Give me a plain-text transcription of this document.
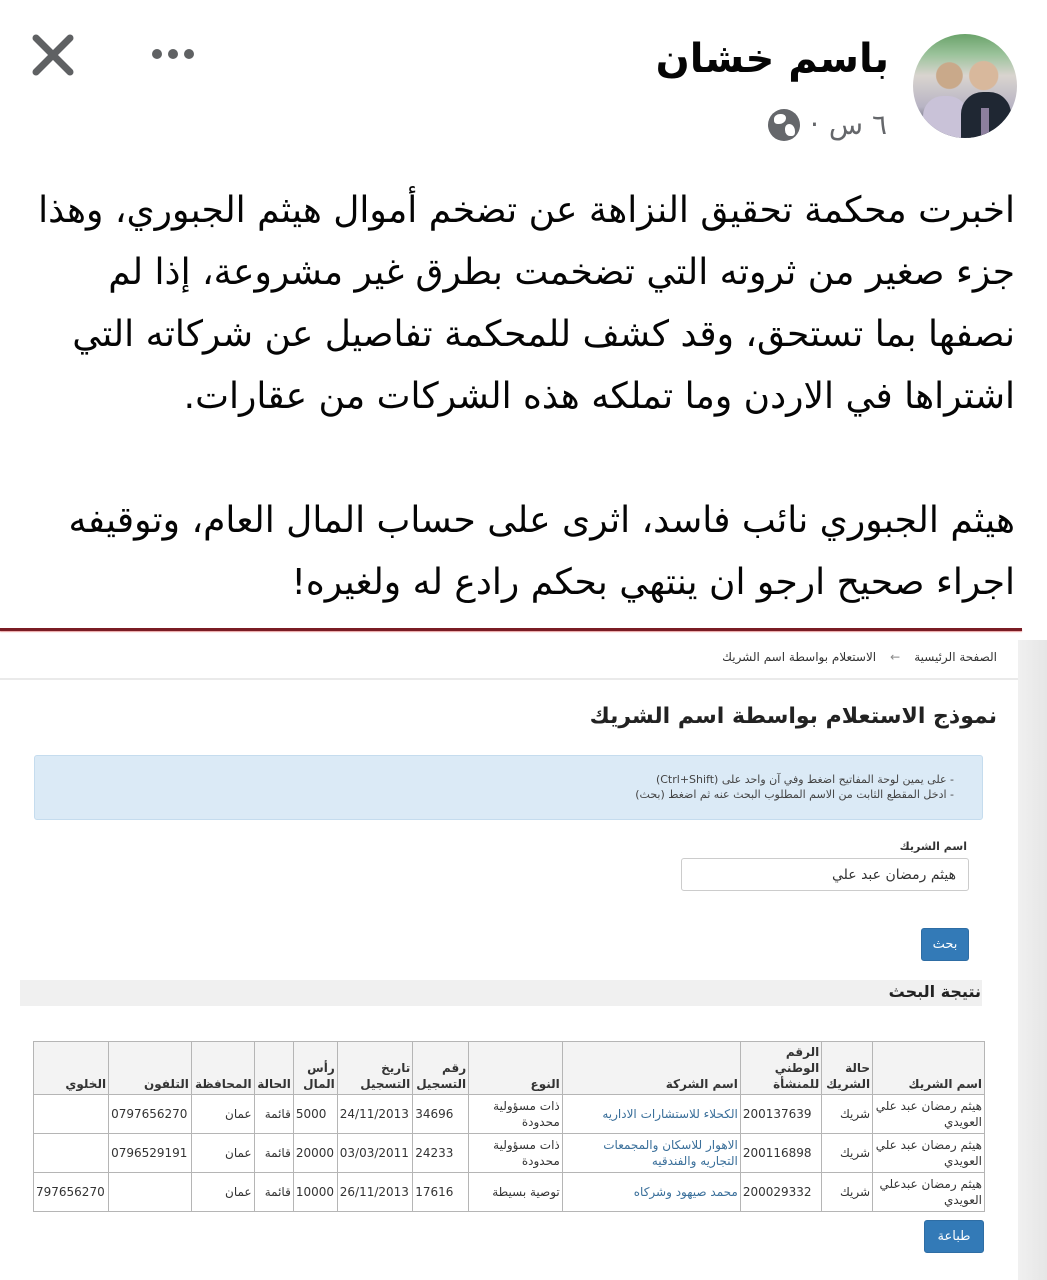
باسم خشان
٦ س
·

اخبرت محكمة تحقيق النزاهة عن تضخم أموال هيثم الجبوري، وهذا جزء صغير من ثروته التي تضخمت بطرق غير مشروعة، إذا لم نصفها بما تستحق، وقد كشف للمحكمة تفاصيل عن شركاته التي اشتراها في الاردن وما تملكه هذه الشركات من عقارات.

هيثم الجبوري نائب فاسد، اثرى على حساب المال العام، وتوقيفه اجراء صحيح ارجو ان ينتهي بحكم رادع له ولغيره!

الصفحة الرئيسية
←
الاستعلام بواسطة اسم الشريك
نموذج الاستعلام بواسطة اسم الشريك
- على يمين لوحة المفاتيح اضغط وفي آن واحد على (Ctrl+Shift)
- ادخل المقطع الثابت من الاسم المطلوب البحث عنه ثم اضغط (بحث)
اسم الشريك
هيثم رمضان عبد علي
بحث
نتيجة البحث
اسم الشريك	حالة الشريك	الرقم الوطني للمنشأة	اسم الشركة	النوع	رقم التسجيل	تاريخ التسجيل	رأس المال	الحالة	المحافظة	التلفون	الخلوي
هيثم رمضان عبد علي العويدي	شريك	200137639	الكحلاء للاستشارات الاداريه	ذات مسؤولية محدودة	34696	24/11/2013	5000	قائمة	عمان	0797656270	
هيثم رمضان عبد علي العويدي	شريك	200116898	الاهوار للاسكان والمجمعات التجاريه والفندقيه	ذات مسؤولية محدودة	24233	03/03/2011	20000	قائمة	عمان	0796529191	
هيثم رمضان عبدعلي العويدي	شريك	200029332	محمد صيهود وشركاه	توصية بسيطة	17616	26/11/2013	10000	قائمة	عمان		797656270
طباعة
